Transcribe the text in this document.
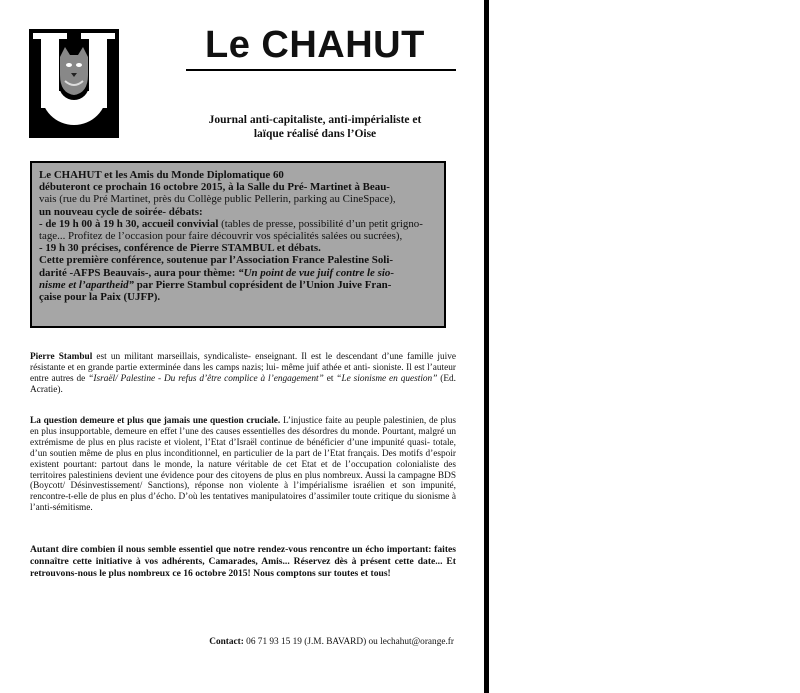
Le CHAHUT
Journal anti-capitaliste, anti-impérialiste et
laïque réalisé dans l’Oise

Le CHAHUT et les Amis du Monde Diplomatique 60

débuteront ce prochain 16 octobre 2015, à la Salle du Pré- Martinet à Beau-

vais (rue du Pré Martinet, près du Collège public Pellerin, parking au CineSpace),

un nouveau cycle de soirée- débats:

- de 19 h 00 à 19 h 30, accueil convivial (tables de presse, possibilité d’un petit grigno-

tage... Profitez de l’occasion pour faire découvrir vos spécialités salées ou sucrées),

- 19 h 30 précises, conférence de Pierre STAMBUL et débats.

Cette première conférence, soutenue par l’Association France Palestine Soli-

darité -AFPS Beauvais-, aura pour thème: “Un point de vue juif contre le sio-

nisme et l’apartheid” par Pierre Stambul coprésident de l’Union Juive Fran-

çaise pour la Paix (UJFP).

Pierre Stambul est un militant marseillais, syndicaliste- enseignant. Il est le descendant d’une famille juive résistante et en grande partie exterminée dans les camps nazis; lui- même juif athée et anti- sioniste. Il est l’auteur entre autres de “Israël/ Palestine - Du refus d’être complice à l’engagement” et “Le sionisme en question” (Ed. Acratie).

La question demeure et plus que jamais une question cruciale. L’injustice faite au peuple palestinien, de plus en plus insupportable, demeure en effet l’une des causes essentielles des désordres du monde. Pourtant, malgré un extrémisme de plus en plus raciste et violent, l’Etat d’Israël continue de bénéficier d’une impunité quasi- totale, d’un soutien même de plus en plus inconditionnel, en particulier de la part de l’Etat français. Des motifs d’espoir existent pourtant: partout dans le monde, la nature véritable de cet Etat et de l’occupation colonialiste des territoires palestiniens devient une évidence pour des citoyens de plus en plus nombreux. Aussi la campagne BDS (Boycott/ Désinvestissement/ Sanctions), réponse non violente à l’impérialisme israélien et son impunité, rencontre-t-elle de plus en plus d’écho. D’où les tentatives manipulatoires d’assimiler toute critique du sionisme à l’anti-sémitisme.

Autant dire combien il nous semble essentiel que notre rendez-vous rencontre un écho important: faites connaître cette initiative à vos adhérents, Camarades, Amis... Réservez dès à présent cette date... Et retrouvons-nous le plus nombreux ce 16 octobre 2015! Nous comptons sur toutes et tous!
Contact: 06 71 93 15 19 (J.M. BAVARD) ou lechahut@orange.fr
